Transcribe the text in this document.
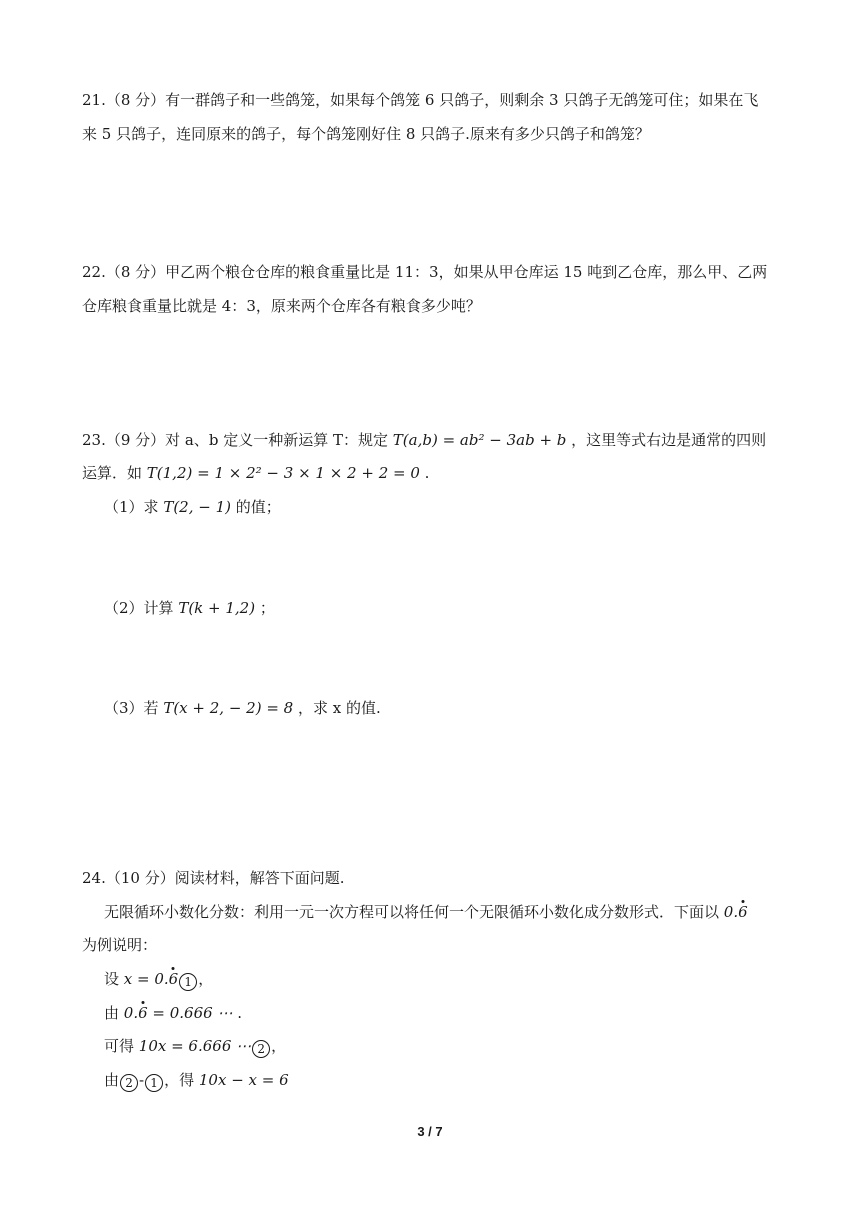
21.（8 分）有一群鸽子和一些鸽笼，如果每个鸽笼 6 只鸽子，则剩余 3 只鸽子无鸽笼可住；如果在飞
来 5 只鸽子，连同原来的鸽子，每个鸽笼刚好住 8 只鸽子.原来有多少只鸽子和鸽笼？
22.（8 分）甲乙两个粮仓仓库的粮食重量比是 11：3，如果从甲仓库运 15 吨到乙仓库，那么甲、乙两
仓库粮食重量比就是 4：3，原来两个仓库各有粮食多少吨？
23.（9 分）对 a、b 定义一种新运算 T：规定 T(a,b) = ab² − 3ab + b ，这里等式右边是通常的四则
运算．如 T(1,2) = 1 × 2² − 3 × 1 × 2 + 2 = 0 .
（1）求 T(2, − 1) 的值；
（2）计算 T(k + 1,2) ；
（3）若 T(x + 2, − 2) = 8 ，求 x 的值.
24.（10 分）阅读材料，解答下面问题.
无限循环小数化分数：利用一元一次方程可以将任何一个无限循环小数化成分数形式．下面以 0.6
为例说明：
设 x = 0.6 1 ，
由 0.6 = 0.666 ⋯ .
可得 10x = 6.666 ⋯ 2 ，
由 2 - 1 ，得 10x − x = 6
3 / 7
